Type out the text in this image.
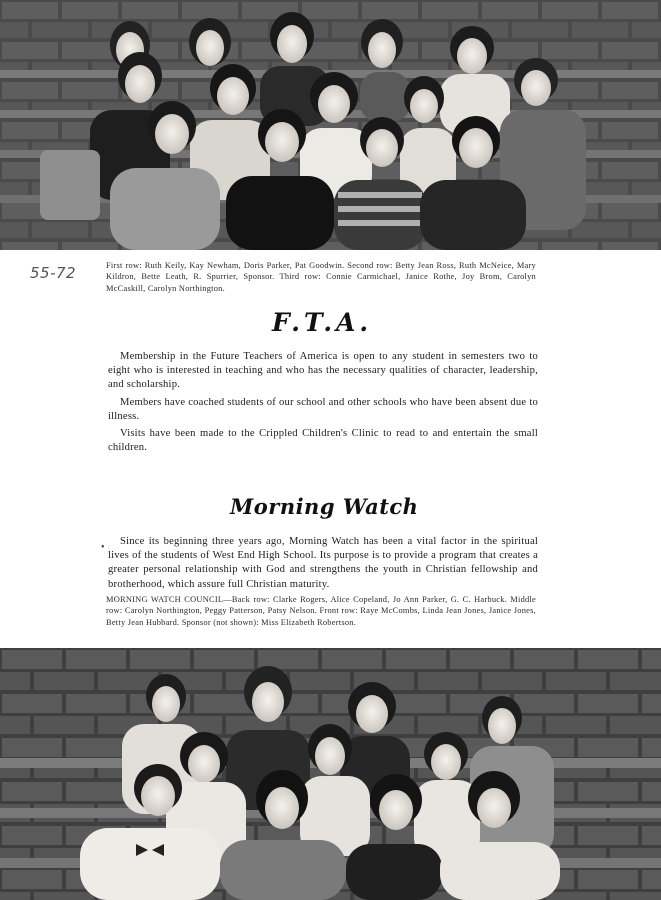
55-72	First row: Ruth Keily, Kay Newham, Doris Parker, Pat Goodwin. Second row: Betty Jean Ross, Ruth McNeice, Mary Kildron, Bette Leath, R. Spurrier, Sponsor. Third row: Connie Carmichael, Janice Rothe, Joy Brom, Carolyn McCaskill, Carolyn Northington.

F.T.A.

Membership in the Future Teachers of America is open to any student in semesters two to eight who is interested in teaching and who has the necessary qualities of character, leadership, and scholarship.

Members have coached students of our school and other schools who have been absent due to illness.

Visits have been made to the Crippled Children's Clinic to read to and entertain the small children.

Morning Watch
•

Since its beginning three years ago, Morning Watch has been a vital factor in the spiritual lives of the students of West End High School. Its purpose is to provide a program that creates a greater personal relationship with God and strengthens the youth in Christian fellowship and brotherhood, which assure full Christian maturity.

MORNING WATCH COUNCIL—Back row: Clarke Rogers, Alice Copeland, Jo Ann Parker, G. C. Harbuck. Middle row: Carolyn Northington, Peggy Patterson, Patsy Nelson. Front row: Raye McCombs, Linda Jean Jones, Janice Jones, Betty Jean Hubbard. Sponsor (not shown): Miss Elizabeth Robertson.
